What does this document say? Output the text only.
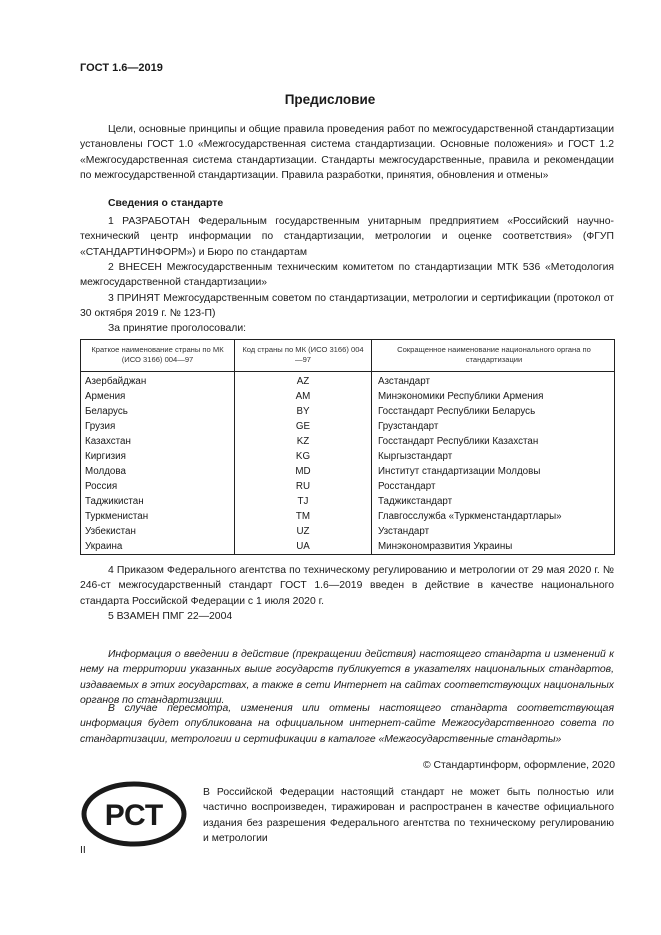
ГОСТ 1.6—2019
Предисловие
Цели, основные принципы и общие правила проведения работ по межгосударственной стандартизации установлены ГОСТ 1.0 «Межгосударственная система стандартизации. Основные положения» и ГОСТ 1.2 «Межгосударственная система стандартизации. Стандарты межгосударственные, правила и рекомендации по межгосударственной стандартизации. Правила разработки, принятия, обновления и отмены»
Сведения о стандарте
1 РАЗРАБОТАН Федеральным государственным унитарным предприятием «Российский научно-технический центр информации по стандартизации, метрологии и оценке соответствия» (ФГУП «СТАНДАРТИНФОРМ») и Бюро по стандартам
2 ВНЕСЕН Межгосударственным техническим комитетом по стандартизации МТК 536 «Методология межгосударственной стандартизации»
3 ПРИНЯТ Межгосударственным советом по стандартизации, метрологии и сертификации (протокол от 30 октября 2019 г. № 123-П)
За принятие проголосовали:
Краткое наименование страны по МК (ИСО 3166) 004—97	Код страны по МК (ИСО 3166) 004—97	Сокращенное наименование национального органа по стандартизации
Азербайджан	AZ	Азстандарт
Армения	AM	Минэкономики Республики Армения
Беларусь	BY	Госстандарт Республики Беларусь
Грузия	GE	Грузстандарт
Казахстан	KZ	Госстандарт Республики Казахстан
Киргизия	KG	Кыргызстандарт
Молдова	MD	Институт стандартизации Молдовы
Россия	RU	Росстандарт
Таджикистан	TJ	Таджикстандарт
Туркменистан	TM	Главгосслужба «Туркменстандартлары»
Узбекистан	UZ	Узстандарт
Украина	UA	Минэкономразвития Украины
4 Приказом Федерального агентства по техническому регулированию и метрологии от 29 мая 2020 г. № 246-ст межгосударственный стандарт ГОСТ 1.6—2019 введен в действие в качестве национального стандарта Российской Федерации с 1 июля 2020 г.
5 ВЗАМЕН ПМГ 22—2004
Информация о введении в действие (прекращении действия) настоящего стандарта и изменений к нему на территории указанных выше государств публикуется в указателях национальных стандартов, издаваемых в этих государствах, а также в сети Интернет на сайтах соответствующих национальных органов по стандартизации.
В случае пересмотра, изменения или отмены настоящего стандарта соответствующая информация будет опубликована на официальном интернет-сайте Межгосударственного совета по стандартизации, метрологии и сертификации в каталоге «Межгосударственные стандарты»
© Стандартинформ, оформление, 2020
РСТ
В Российской Федерации настоящий стандарт не может быть полностью или частично воспроизведен, тиражирован и распространен в качестве официального издания без разрешения Федерального агентства по техническому регулированию и метрологии
II
